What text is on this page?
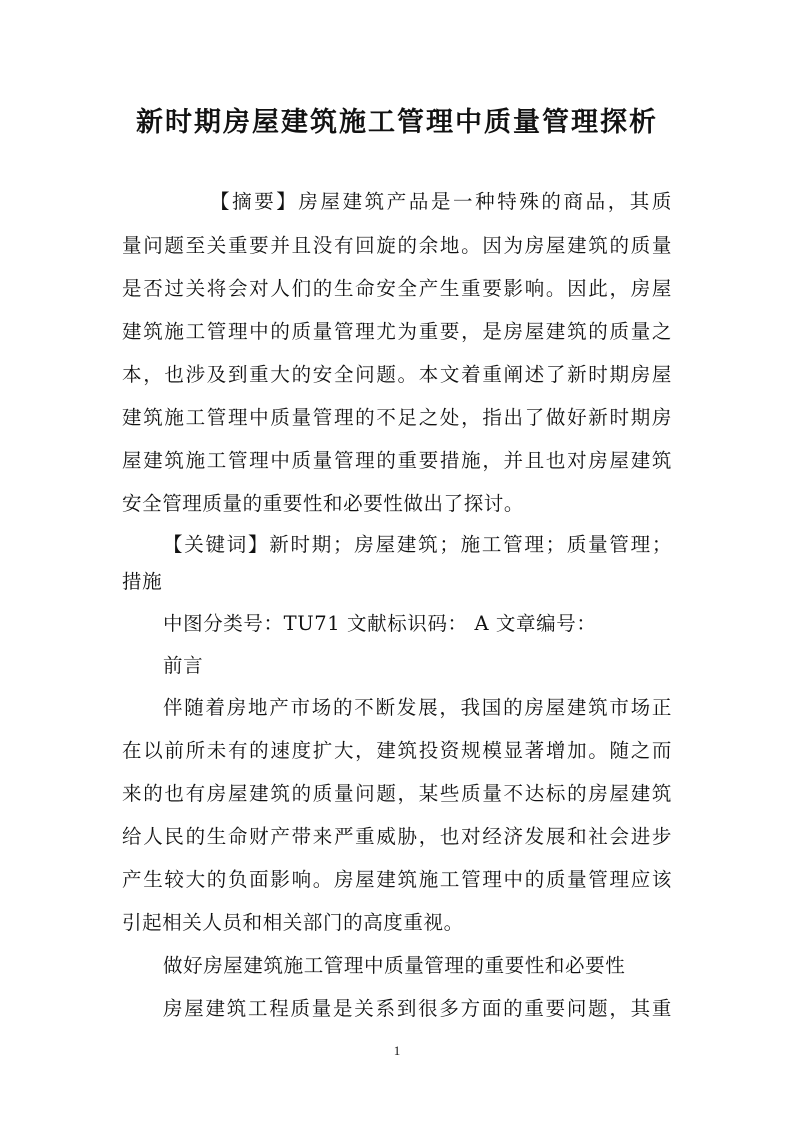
新时期房屋建筑施工管理中质量管理探析
【摘要】房屋建筑产品是一种特殊的商品，其质
量问题至关重要并且没有回旋的余地。因为房屋建筑的质量
是否过关将会对人们的生命安全产生重要影响。因此，房屋
建筑施工管理中的质量管理尤为重要，是房屋建筑的质量之
本，也涉及到重大的安全问题。本文着重阐述了新时期房屋
建筑施工管理中质量管理的不足之处，指出了做好新时期房
屋建筑施工管理中质量管理的重要措施，并且也对房屋建筑
安全管理质量的重要性和必要性做出了探讨。
【关键词】新时期；房屋建筑；施工管理；质量管理；
措施
中图分类号：TU71 文献标识码： A 文章编号：
前言
伴随着房地产市场的不断发展，我国的房屋建筑市场正
在以前所未有的速度扩大，建筑投资规模显著增加。随之而
来的也有房屋建筑的质量问题，某些质量不达标的房屋建筑
给人民的生命财产带来严重威胁，也对经济发展和社会进步
产生较大的负面影响。房屋建筑施工管理中的质量管理应该
引起相关人员和相关部门的高度重视。
做好房屋建筑施工管理中质量管理的重要性和必要性
房屋建筑工程质量是关系到很多方面的重要问题，其重
1
